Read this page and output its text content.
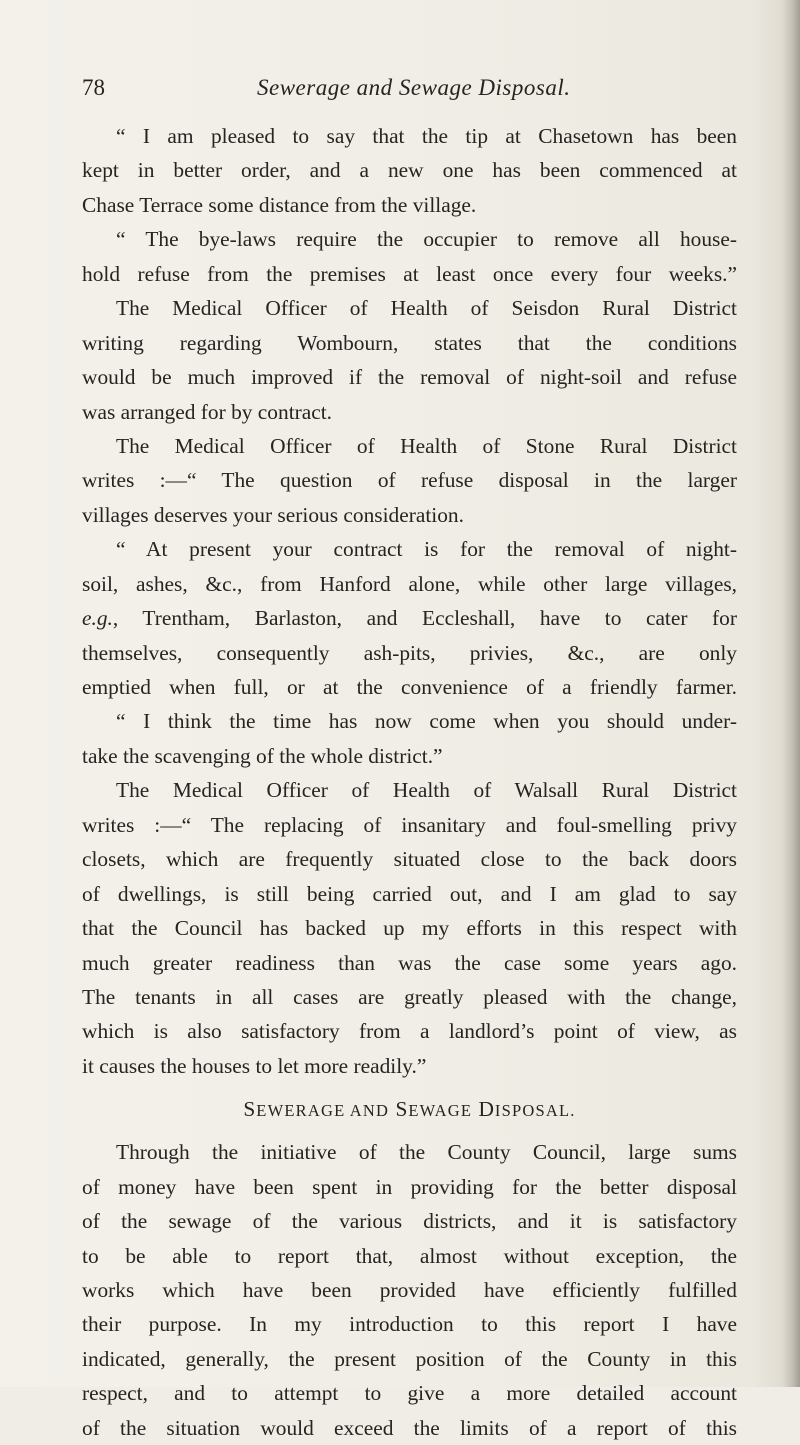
78	Sewerage and Sewage Disposal.
“ I am pleased to say that the tip at Chasetown has been
kept in better order, and a new one has been commenced at
Chase Terrace some distance from the village.
“ The bye-laws require the occupier to remove all house-
hold refuse from the premises at least once every four weeks.”
The Medical Officer of Health of Seisdon Rural District
writing regarding Wombourn, states that the conditions
would be much improved if the removal of night-soil and refuse
was arranged for by contract.
The Medical Officer of Health of Stone Rural District
writes :—“ The question of refuse disposal in the larger
villages deserves your serious consideration.
“ At present your contract is for the removal of night-
soil, ashes, &c., from Hanford alone, while other large villages,
e.g., Trentham, Barlaston, and Eccleshall, have to cater for
themselves, consequently ash-pits, privies, &c., are only
emptied when full, or at the convenience of a friendly farmer.
“ I think the time has now come when you should under-
take the scavenging of the whole district.”
The Medical Officer of Health of Walsall Rural District
writes :—“ The replacing of insanitary and foul-smelling privy
closets, which are frequently situated close to the back doors
of dwellings, is still being carried out, and I am glad to say
that the Council has backed up my efforts in this respect with
much greater readiness than was the case some years ago.
The tenants in all cases are greatly pleased with the change,
which is also satisfactory from a landlord’s point of view, as
it causes the houses to let more readily.”
SEWERAGE AND SEWAGE DISPOSAL.
Through the initiative of the County Council, large sums
of money have been spent in providing for the better disposal
of the sewage of the various districts, and it is satisfactory
to be able to report that, almost without exception, the
works which have been provided have efficiently fulfilled
their purpose. In my introduction to this report I have
indicated, generally, the present position of the County in this
respect, and to attempt to give a more detailed account
of the situation would exceed the limits of a report of this
